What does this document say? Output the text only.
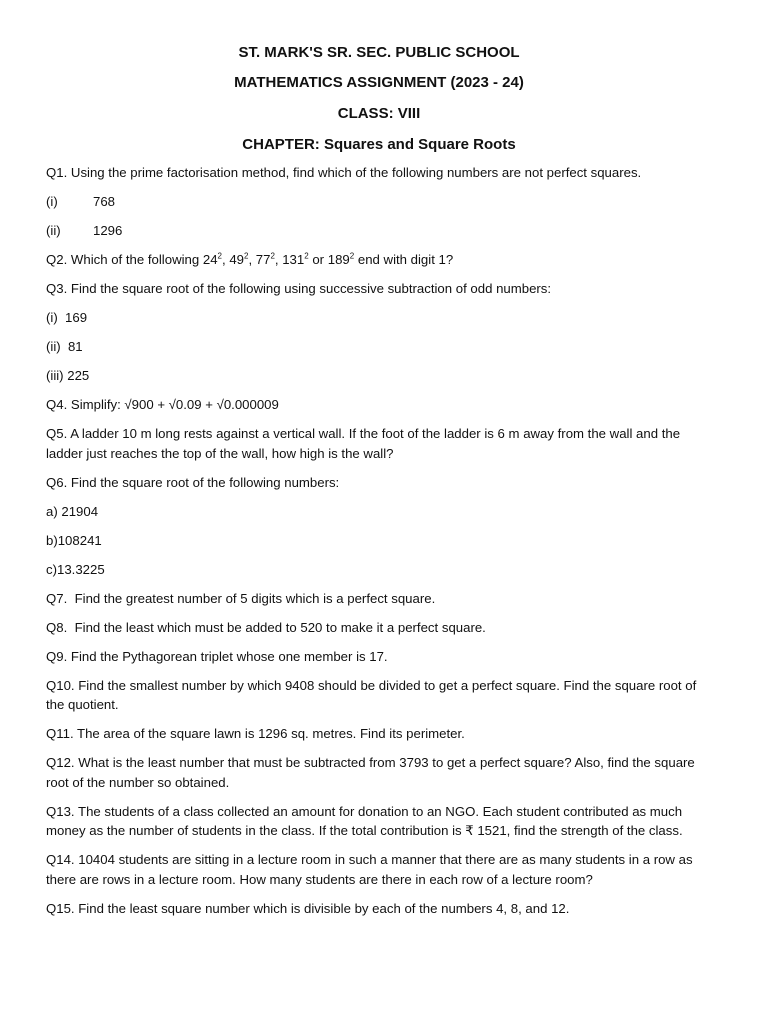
ST. MARK'S SR. SEC. PUBLIC SCHOOL

MATHEMATICS ASSIGNMENT (2023 - 24)

CLASS: VIII

CHAPTER: Squares and Square Roots

Q1. Using the prime factorisation method, find which of the following numbers are not perfect squares.

(i)	768
(ii)	1296

Q2. Which of the following $24^2$, $49^2$, $77^2$, $131^2$ or $189^2$ end with digit 1?

Q3. Find the square root of the following using successive subtraction of odd numbers:

(i)  169

(ii)  81

(iii) 225

Q4. Simplify: √900 + √0.09 + √0.000009

Q5. A ladder 10 m long rests against a vertical wall. If the foot of the ladder is 6 m away from the wall and the ladder just reaches the top of the wall, how high is the wall?

Q6. Find the square root of the following numbers:

a) 21904

b)108241

c)13.3225

Q7.  Find the greatest number of 5 digits which is a perfect square.

Q8.  Find the least which must be added to 520 to make it a perfect square.

Q9. Find the Pythagorean triplet whose one member is 17.

Q10. Find the smallest number by which 9408 should be divided to get a perfect square. Find the square root of the quotient.

Q11. The area of the square lawn is 1296 sq. metres. Find its perimeter.

Q12. What is the least number that must be subtracted from 3793 to get a perfect square? Also, find the square root of the number so obtained.

Q13. The students of a class collected an amount for donation to an NGO. Each student contributed as much money as the number of students in the class. If the total contribution is ₹ 1521, find the strength of the class.

Q14. 10404 students are sitting in a lecture room in such a manner that there are as many students in a row as there are rows in a lecture room. How many students are there in each row of a lecture room?

Q15. Find the least square number which is divisible by each of the numbers 4, 8, and 12.
